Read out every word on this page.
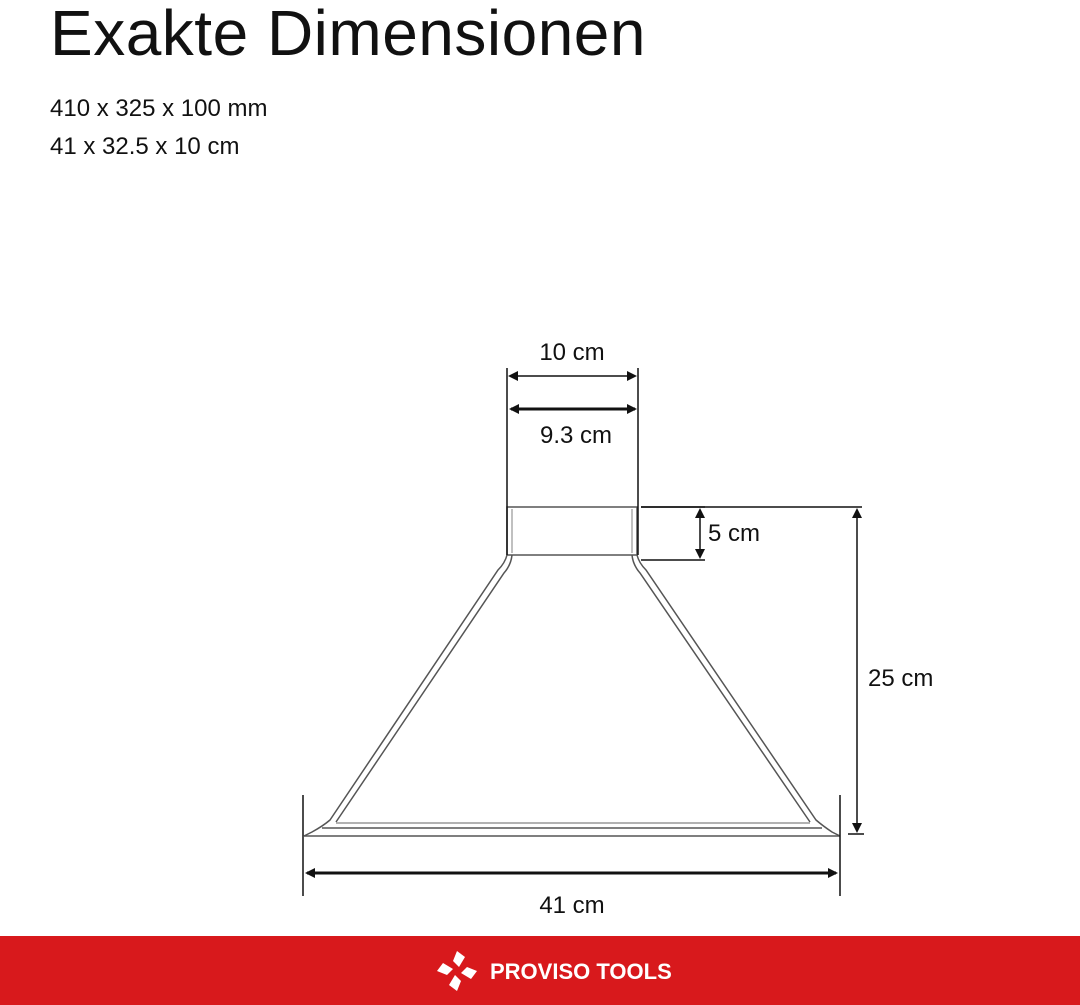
Exakte Dimensionen
410 x 325 x 100 mm
41 x 32.5 x 10 cm
10 cm
9.3 cm
5 cm
25 cm
41 cm
PROVISO TOOLS
